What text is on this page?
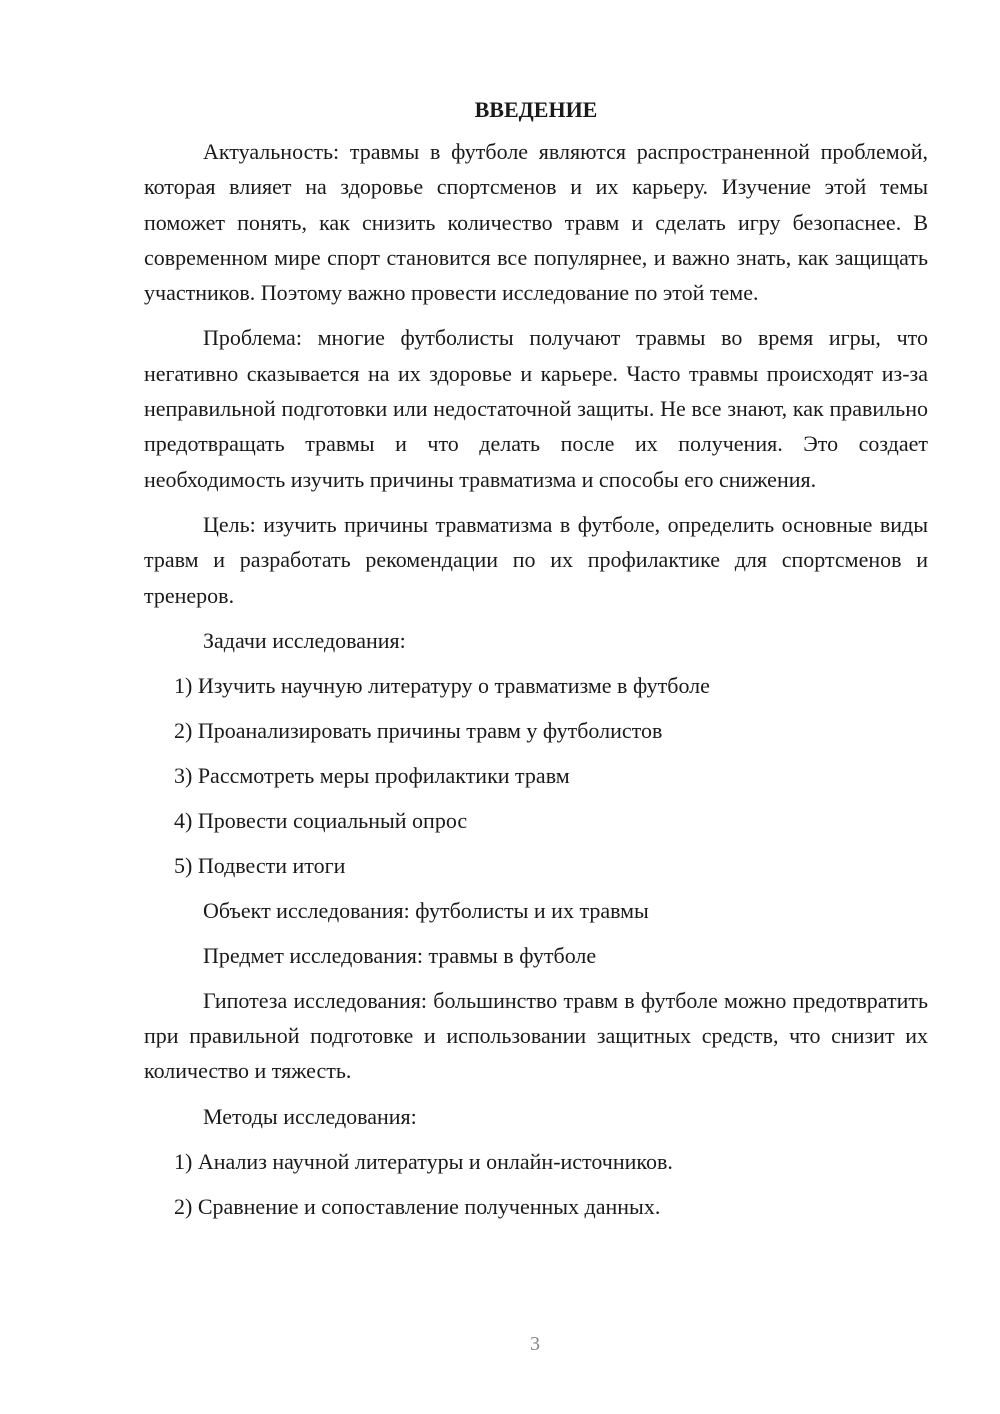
ВВЕДЕНИЕ

Актуальность: травмы в футболе являются распространенной проблемой, которая влияет на здоровье спортсменов и их карьеру. Изучение этой темы поможет понять, как снизить количество травм и сделать игру безопаснее. В современном мире спорт становится все популярнее, и важно знать, как защищать участников. Поэтому важно провести исследование по этой теме.

Проблема: многие футболисты получают травмы во время игры, что негативно сказывается на их здоровье и карьере. Часто травмы происходят из-за неправильной подготовки или недостаточной защиты. Не все знают, как правильно предотвращать травмы и что делать после их получения. Это создает необходимость изучить причины травматизма и способы его снижения.

Цель: изучить причины травматизма в футболе, определить основные виды травм и разработать рекомендации по их профилактике для спортсменов и тренеров.

Задачи исследования:

1) Изучить научную литературу о травматизме в футболе

2) Проанализировать причины травм у футболистов

3) Рассмотреть меры профилактики травм

4) Провести социальный опрос

5) Подвести итоги

Объект исследования: футболисты и их травмы

Предмет исследования: травмы в футболе

Гипотеза исследования: большинство травм в футболе можно предотвратить при правильной подготовке и использовании защитных средств, что снизит их количество и тяжесть.

Методы исследования:

1) Анализ научной литературы и онлайн-источников.

2) Сравнение и сопоставление полученных данных.

3
